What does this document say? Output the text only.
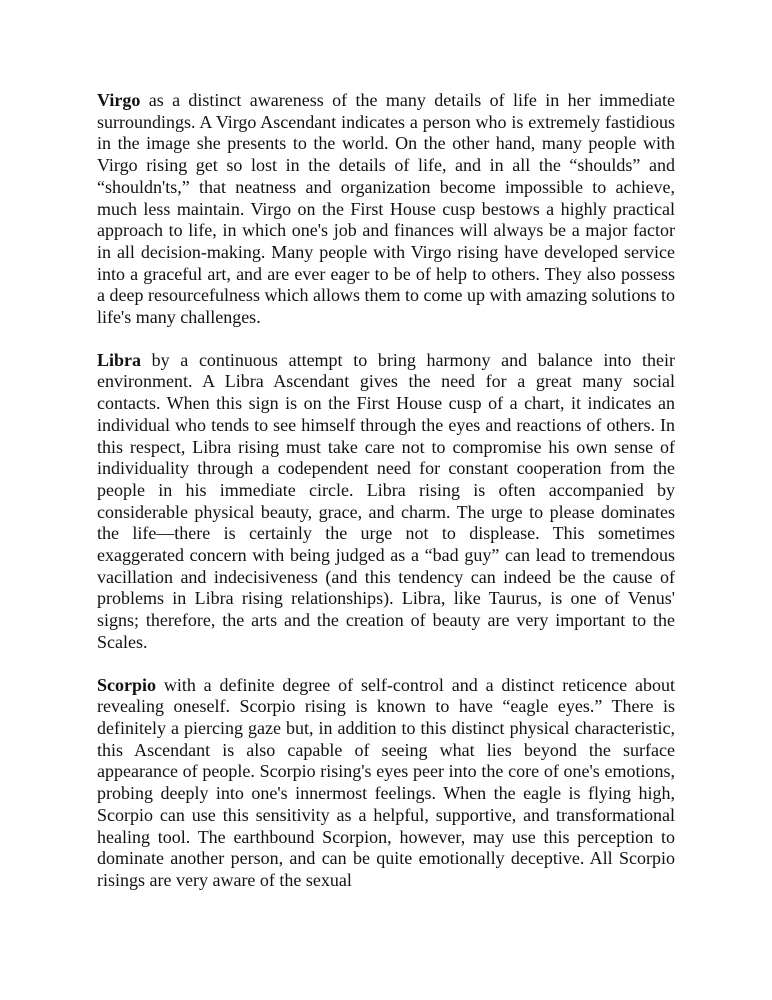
Virgo as a distinct awareness of the many details of life in her immediate surroundings. A Virgo Ascendant indicates a person who is extremely fastidious in the image she presents to the world. On the other hand, many people with Virgo rising get so lost in the details of life, and in all the “shoulds” and “shouldn'ts,” that neatness and organization become impossible to achieve, much less maintain. Virgo on the First House cusp bestows a highly practical approach to life, in which one's job and finances will always be a major factor in all decision-making. Many people with Virgo rising have developed service into a graceful art, and are ever eager to be of help to others. They also possess a deep resourcefulness which allows them to come up with amazing solutions to life's many challenges.

Libra by a continuous attempt to bring harmony and balance into their environment. A Libra Ascendant gives the need for a great many social contacts. When this sign is on the First House cusp of a chart, it indicates an individual who tends to see himself through the eyes and reactions of others. In this respect, Libra rising must take care not to compromise his own sense of individuality through a codependent need for constant cooperation from the people in his immediate circle. Libra rising is often accompanied by considerable physical beauty, grace, and charm. The urge to please dominates the life—there is certainly the urge not to displease. This sometimes exaggerated concern with being judged as a “bad guy” can lead to tremendous vacillation and indecisiveness (and this tendency can indeed be the cause of problems in Libra rising relationships). Libra, like Taurus, is one of Venus' signs; therefore, the arts and the creation of beauty are very important to the Scales.

Scorpio with a definite degree of self-control and a distinct reticence about revealing oneself. Scorpio rising is known to have “eagle eyes.” There is definitely a piercing gaze but, in addition to this distinct physical characteristic, this Ascendant is also capable of seeing what lies beyond the surface appearance of people. Scorpio rising's eyes peer into the core of one's emotions, probing deeply into one's innermost feelings. When the eagle is flying high, Scorpio can use this sensitivity as a helpful, supportive, and transformational healing tool. The earthbound Scorpion, however, may use this perception to dominate another person, and can be quite emotionally deceptive. All Scorpio risings are very aware of the sexual
